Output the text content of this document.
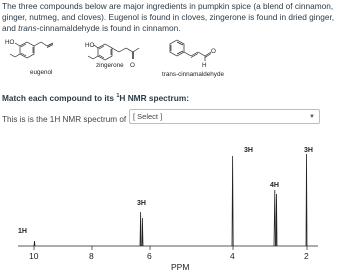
The three compounds below are major ingredients in pumpkin spice (a blend of cinnamon, ginger, nutmeg, and cloves). Eugenol is found in cloves, zingerone is found in dried ginger, and trans-cinnamaldehyde is found in cinnamon.

HO
eugenol
HO
O
zingerone
O
H
trans-cinnamaldehyde

Match each compound to its $^1$H NMR spectrum:

This is is the 1H NMR spectrum of [ Select ]	▼
1H
3H
3H
4H
3H
10	8	6	4	2
PPM
